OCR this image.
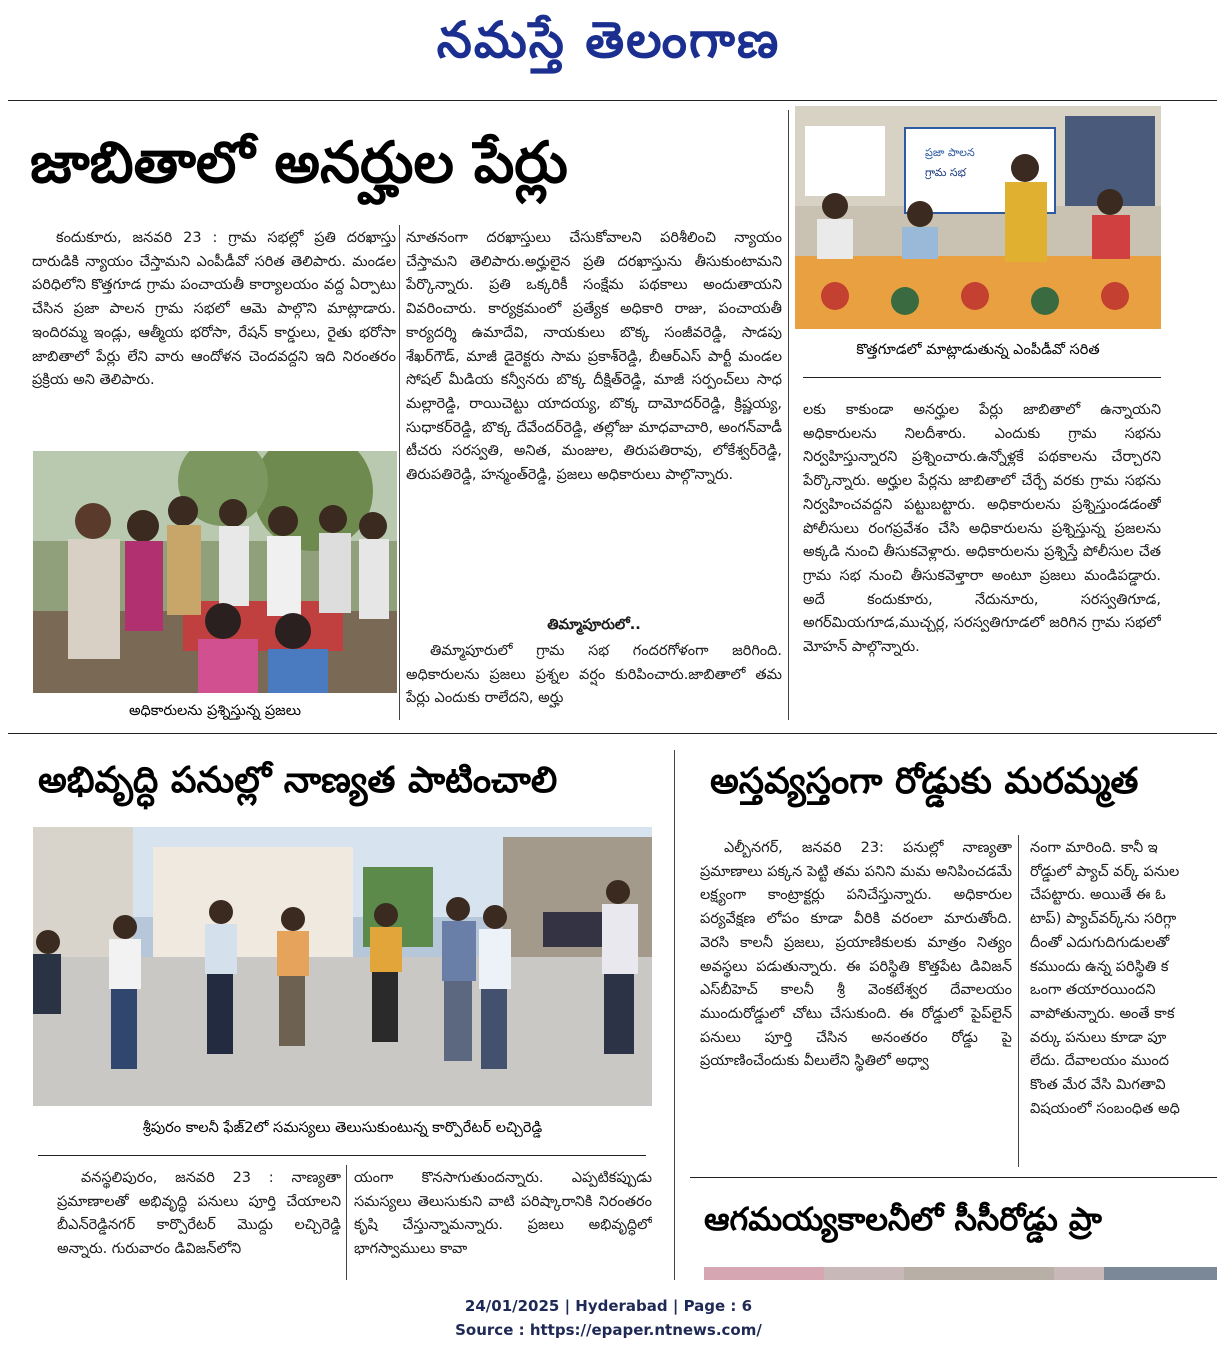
నమస్తే తెలంగాణ
జాబితాలో అనర్హుల పేర్లు
కందుకూరు, జనవరి 23 : గ్రామ సభల్లో ప్రతి దరఖాస్తు దారుడికి న్యాయం చేస్తామని ఎంపీడీవో సరిత తెలిపారు. మండల పరిధిలోని కొత్తగూడ గ్రామ పంచాయతీ కార్యాలయం వద్ద ఏర్పాటు చేసిన ప్రజా పాలన గ్రామ సభలో ఆమె పాల్గొని మాట్లాడారు. ఇందిరమ్మ ఇండ్లు, ఆత్మీయ భరోసా, రేషన్ కార్డులు, రైతు భరోసా జాబితాలో పేర్లు లేని వారు ఆందోళన చెందవద్దని ఇది నిరంతరం ప్రక్రియ అని తెలిపారు.
అధికారులను ప్రశ్నిస్తున్న ప్రజలు
నూతనంగా దరఖాస్తులు చేసుకోవాలని పరిశీలించి న్యాయం చేస్తామని తెలిపారు.అర్హులైన ప్రతి దరఖాస్తును తీసుకుంటామని పేర్కొన్నారు. ప్రతి ఒక్కరికీ సంక్షేమ పథకాలు అందుతాయని వివరించారు. కార్యక్రమంలో ప్రత్యేక అధికారి రాజు, పంచాయతీ కార్యదర్శి ఉమాదేవి, నాయకులు బొక్క సంజీవరెడ్డి, సాడపు శేఖర్‌గౌడ్, మాజీ డైరెక్టరు సామ ప్రకాశ్‌రెడ్డి, బీఆర్ఎస్ పార్టీ మండల సోషల్ మీడియ కన్వీనరు బొక్క దీక్షిత్‌రెడ్డి, మాజీ సర్పంచ్‌లు సాధ మల్లారెడ్డి, రాయిచెట్టు యాదయ్య, బొక్క దామోదర్‌రెడ్డి, క్రిష్ణయ్య, సుధాకర్‌రెడ్డి, బొక్క దేవేందర్‌రెడ్డి, తల్లోజు మాధవాచారి, అంగన్‌వాడీ టీచరు సరస్వతి, అనిత, మంజుల, తిరుపతిరావు, లోకేశ్వర్‌రెడ్డి, తిరుపతిరెడ్డి, హన్మంత్‌రెడ్డి, ప్రజలు అధికారులు పాల్గొన్నారు.
తిమ్మాపూరులో..
తిమ్మాపూరులో గ్రామ సభ గందరగోళంగా జరిగింది. అధికారులను ప్రజలు ప్రశ్నల వర్షం కురిపించారు.జాబితాలో తమ పేర్లు ఎందుకు రాలేదని, అర్హు
ప్రజా పాలన
గ్రామ సభ
కొత్తగూడలో మాట్లాడుతున్న ఎంపీడీవో సరిత
లకు కాకుండా అనర్హుల పేర్లు జాబితాలో ఉన్నాయని అధికారులను నిలదీశారు. ఎందుకు గ్రామ సభను నిర్వహిస్తున్నారని ప్రశ్నించారు.ఉన్నోళ్లకే పథకాలను చేర్చారని పేర్కొన్నారు. అర్హుల పేర్లను జాబితాలో చేర్చే వరకు గ్రామ సభను నిర్వహించవద్దని పట్టుబట్టారు. అధికారులను ప్రశ్నిస్తుండడంతో పోలీసులు రంగప్రవేశం చేసి అధికారులను ప్రశ్నిస్తున్న ప్రజలను అక్కడి నుంచి తీసుకవెళ్లారు. అధికారులను ప్రశ్నిస్తే పోలీసుల చేత గ్రామ సభ నుంచి తీసుకవెళ్తారా అంటూ ప్రజలు మండిపడ్డారు. అదే కందుకూరు, నేదునూరు, సరస్వతిగూడ, అగర్‌మియగూడ,ముచ్చర్ల, సరస్వతిగూడలో జరిగిన గ్రామ సభలో మోహన్ పాల్గొన్నారు.
అభివృద్ధి పనుల్లో నాణ్యత పాటించాలి
శ్రీపురం కాలనీ ఫేజ్2లో సమస్యలు తెలుసుకుంటున్న కార్పొరేటర్ లచ్చిరెడ్డి
వనస్థలిపురం, జనవరి 23 : నాణ్యతా ప్రమాణాలతో అభివృద్ధి పనులు పూర్తి చేయాలని బీఎన్‌రెడ్డినగర్ కార్పొరేటర్ మొద్దు లచ్చిరెడ్డి అన్నారు. గురువారం డివిజన్‌లోని
యంగా కొనసాగుతుందన్నారు. ఎప్పటికప్పుడు సమస్యలు తెలుసుకుని వాటి పరిష్కారానికి నిరంతరం కృషి చేస్తున్నామన్నారు. ప్రజలు అభివృద్ధిలో భాగస్వాములు కావా
అస్తవ్యస్తంగా రోడ్డుకు మరమ్మత
ఎల్బీనగర్, జనవరి 23: పనుల్లో నాణ్యతా ప్రమాణాలు పక్కన పెట్టి తమ పనిని మమ అనిపించడమే లక్ష్యంగా కాంట్రాక్టర్లు పనిచేస్తున్నారు. అధికారుల పర్యవేక్షణ లోపం కూడా వీరికి వరంలా మారుతోంది. వెరసి కాలనీ ప్రజలు, ప్రయాణికులకు మాత్రం నిత్యం అవస్థలు పడుతున్నారు. ఈ పరిస్థితి కొత్తపేట డివిజన్ ఎస్‌బీహెచ్ కాలనీ శ్రీ వెంకటేశ్వర దేవాలయం ముందురోడ్డులో చోటు చేసుకుంది. ఈ రోడ్డులో పైప్‌లైన్ పనులు పూర్తి చేసిన అనంతరం రోడ్డు పై ప్రయాణించేందుకు వీలులేని స్థితిలో అధ్వా

నంగా మారింది. కానీ ఇ

రోడ్డులో ప్యాచ్ వర్క్ పనుల

చేపట్టారు. అయితే ఈ ఓ

టాప్) ప్యాచ్‌వర్క్‌ను సరిగ్గా

దీంతో ఎదుగుదిగుడులతో

కముందు ఉన్న పరిస్థితి క

ఒంగా తయారయిందని

వాపోతున్నారు. అంతే కాక

వర్కు పనులు కూడా పూ

లేదు. దేవాలయం ముంద

కొంత మేర వేసి మిగతావి

విషయంలో సంబంధిత అధి

ఆగమయ్యకాలనీలో సీసీరోడ్డు ప్రా
24/01/2025 | Hyderabad | Page : 6
Source : https://epaper.ntnews.com/
